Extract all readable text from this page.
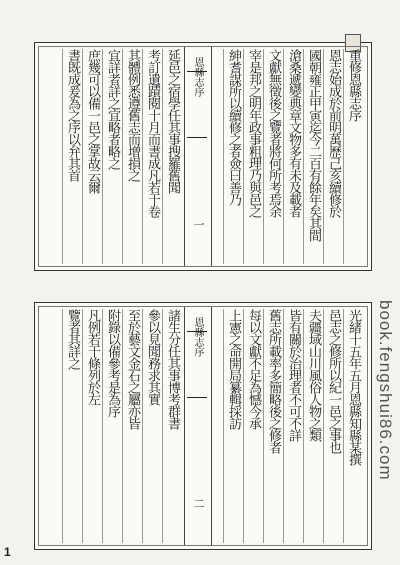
重修恩縣志序
恩志始成於前明萬歷己亥續修於
國朝雍正甲寅迄今二百有餘年矣其間
滄桑遞變典章文物多有未及載者
文獻無徵後之覽者將何所考焉余
宰是邦之明年政事粗理乃與邑之
紳耆謀所以續修之者僉曰善乃
延邑之宿學任其事搜羅舊聞
考訂遺蹟閱十月而書成凡若干卷
其體例悉遵舊志而增損之
宜詳者詳之宜略者略之
庶幾可以備一邑之掌故云爾
書既成爰為之序以弁其首	恩縣志序
一
光緒十五年五月恩縣知縣某撰
邑志之修所以紀一邑之事也
夫疆域山川風俗人物之類
皆有關於治理者不可不詳
舊志所載率多簡略後之修者
每以文獻不足為憾今承
上憲之命開局纂輯採訪
諸生分任其事博考群書
參以見聞務求其實
至於藝文金石之屬亦皆
附錄以備參考是為序
凡例若干條列於左
覽者其詳之	恩縣志序
二
book.fengshui86.com
1
